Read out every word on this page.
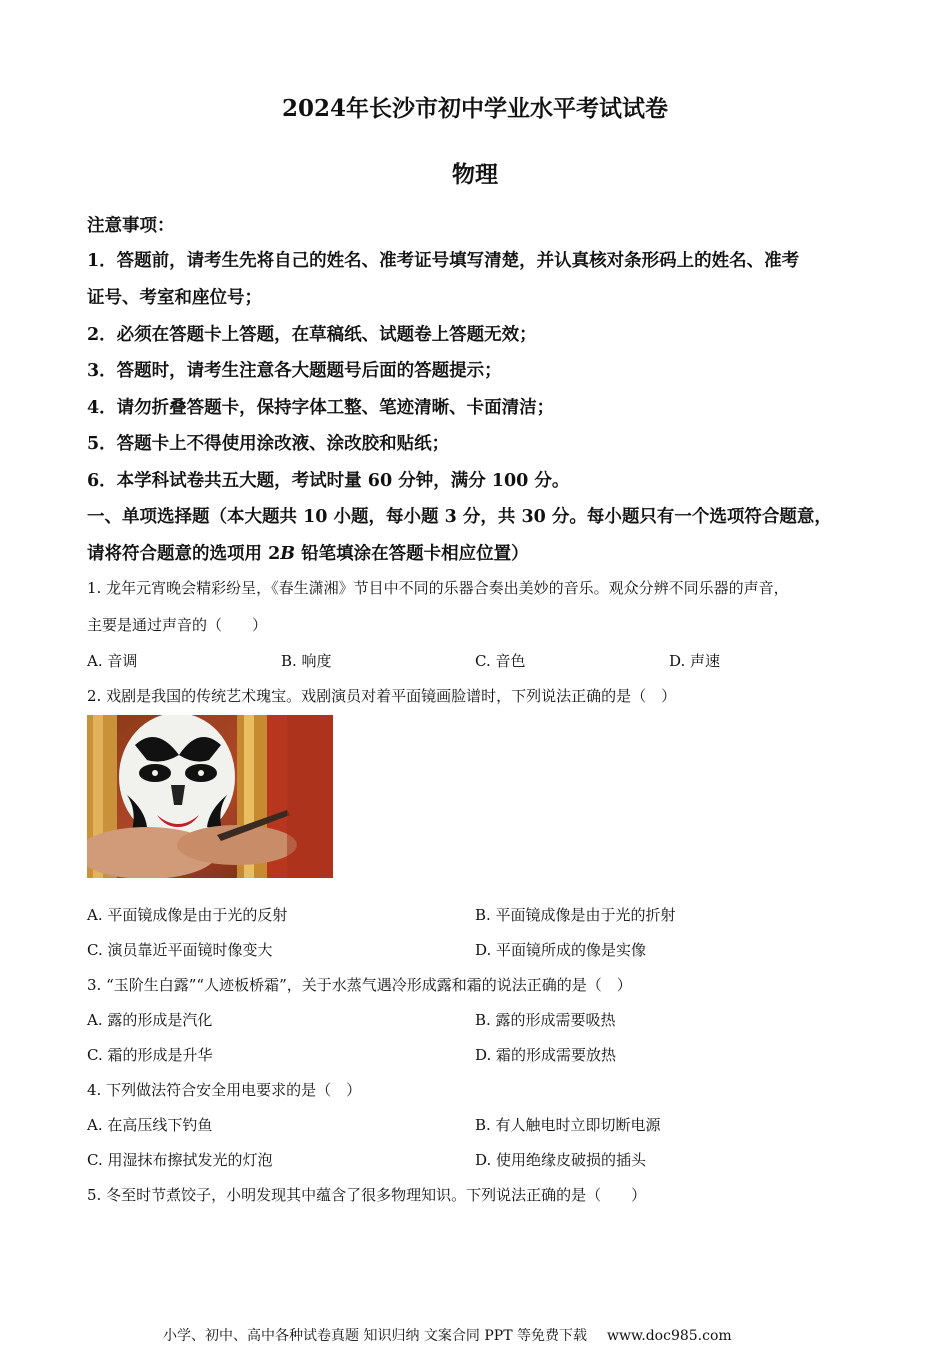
2024年长沙市初中学业水平考试试卷
物理
注意事项：
1．答题前，请考生先将自己的姓名、准考证号填写清楚，并认真核对条形码上的姓名、准考
证号、考室和座位号；
2．必须在答题卡上答题，在草稿纸、试题卷上答题无效；
3．答题时，请考生注意各大题题号后面的答题提示；
4．请勿折叠答题卡，保持字体工整、笔迹清晰、卡面清洁；
5．答题卡上不得使用涂改液、涂改胶和贴纸；
6．本学科试卷共五大题，考试时量 60 分钟，满分 100 分。
一、单项选择题（本大题共 10 小题，每小题 3 分，共 30 分。每小题只有一个选项符合题意，
请将符合题意的选项用 2B 铅笔填涂在答题卡相应位置）
1. 龙年元宵晚会精彩纷呈，《春生潇湘》节目中不同的乐器合奏出美妙的音乐。观众分辨不同乐器的声音，
主要是通过声音的（　　）
A. 音调	B. 响度	C. 音色	D. 声速
2. 戏剧是我国的传统艺术瑰宝。戏剧演员对着平面镜画脸谱时，下列说法正确的是（　）
A. 平面镜成像是由于光的反射	B. 平面镜成像是由于光的折射
C. 演员靠近平面镜时像变大	D. 平面镜所成的像是实像
3. “玉阶生白露”“人迹板桥霜”，关于水蒸气遇冷形成露和霜的说法正确的是（　）
A. 露的形成是汽化	B. 露的形成需要吸热
C. 霜的形成是升华	D. 霜的形成需要放热
4. 下列做法符合安全用电要求的是（　）
A. 在高压线下钓鱼	B. 有人触电时立即切断电源
C. 用湿抹布擦拭发光的灯泡	D. 使用绝缘皮破损的插头
5. 冬至时节煮饺子，小明发现其中蕴含了很多物理知识。下列说法正确的是（　　）
小学、初中、高中各种试卷真题 知识归纳 文案合同 PPT 等免费下载 www.doc985.com
